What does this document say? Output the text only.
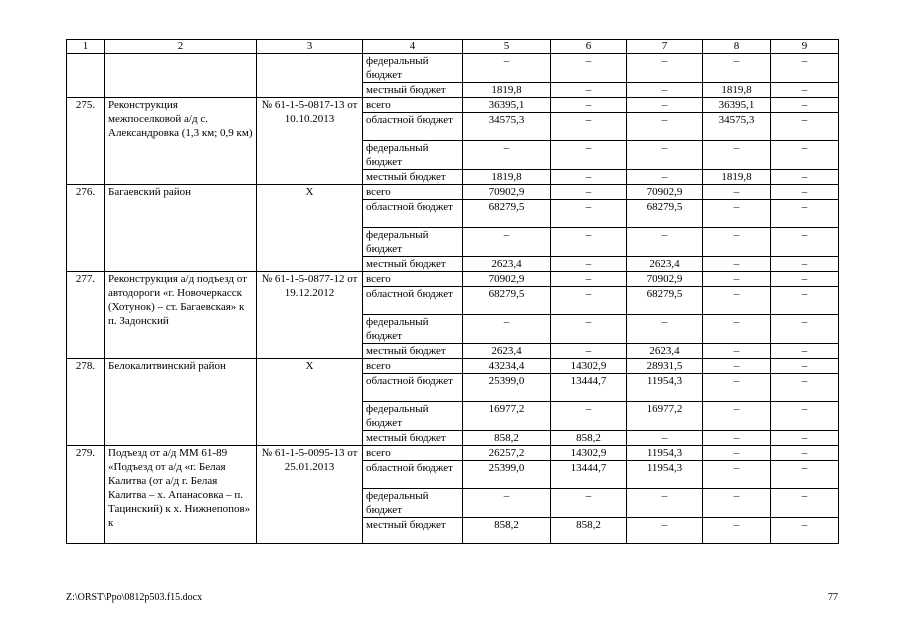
1	2	3	4	5	6	7	8	9
			федеральный бюджет	–	–	–	–	–
			местный бюджет	1819,8	–	–	1819,8	–
275.	Реконструкция межпоселковой а/д с. Александровка (1,3 км; 0,9 км)	№ 61-1-5-0817-13 от 10.10.2013	всего	36395,1	–	–	36395,1	–
			областной бюджет	34575,3	–	–	34575,3	–
			федеральный бюджет	–	–	–	–	–
			местный бюджет	1819,8	–	–	1819,8	–
276.	Багаевский район	Х	всего	70902,9	–	70902,9	–	–
			областной бюджет	68279,5	–	68279,5	–	–
			федеральный бюджет	–	–	–	–	–
			местный бюджет	2623,4	–	2623,4	–	–
277.	Реконструкция а/д подъезд от автодороги «г. Новочеркасск (Хотунок) – ст. Багаевская» к п. Задонский	№ 61-1-5-0877-12 от 19.12.2012	всего	70902,9	–	70902,9	–	–
			областной бюджет	68279,5	–	68279,5	–	–
			федеральный бюджет	–	–	–	–	–
			местный бюджет	2623,4	–	2623,4	–	–
278.	Белокалитвинский район	Х	всего	43234,4	14302,9	28931,5	–	–
			областной бюджет	25399,0	13444,7	11954,3	–	–
			федеральный бюджет	16977,2	–	16977,2	–	–
			местный бюджет	858,2	858,2	–	–	–
279.	Подъезд от а/д ММ 61-89 «Подъезд от а/д «г. Белая Калитва (от а/д г. Белая Калитва – х. Апанасовка – п. Тацинский) к х. Нижнепопов» к	№ 61-1-5-0095-13 от 25.01.2013	всего	26257,2	14302,9	11954,3	–	–
			областной бюджет	25399,0	13444,7	11954,3	–	–
			федеральный бюджет	–	–	–	–	–
			местный бюджет	858,2	858,2	–	–	–
Z:\ORST\Ppo\0812p503.f15.docx	77
